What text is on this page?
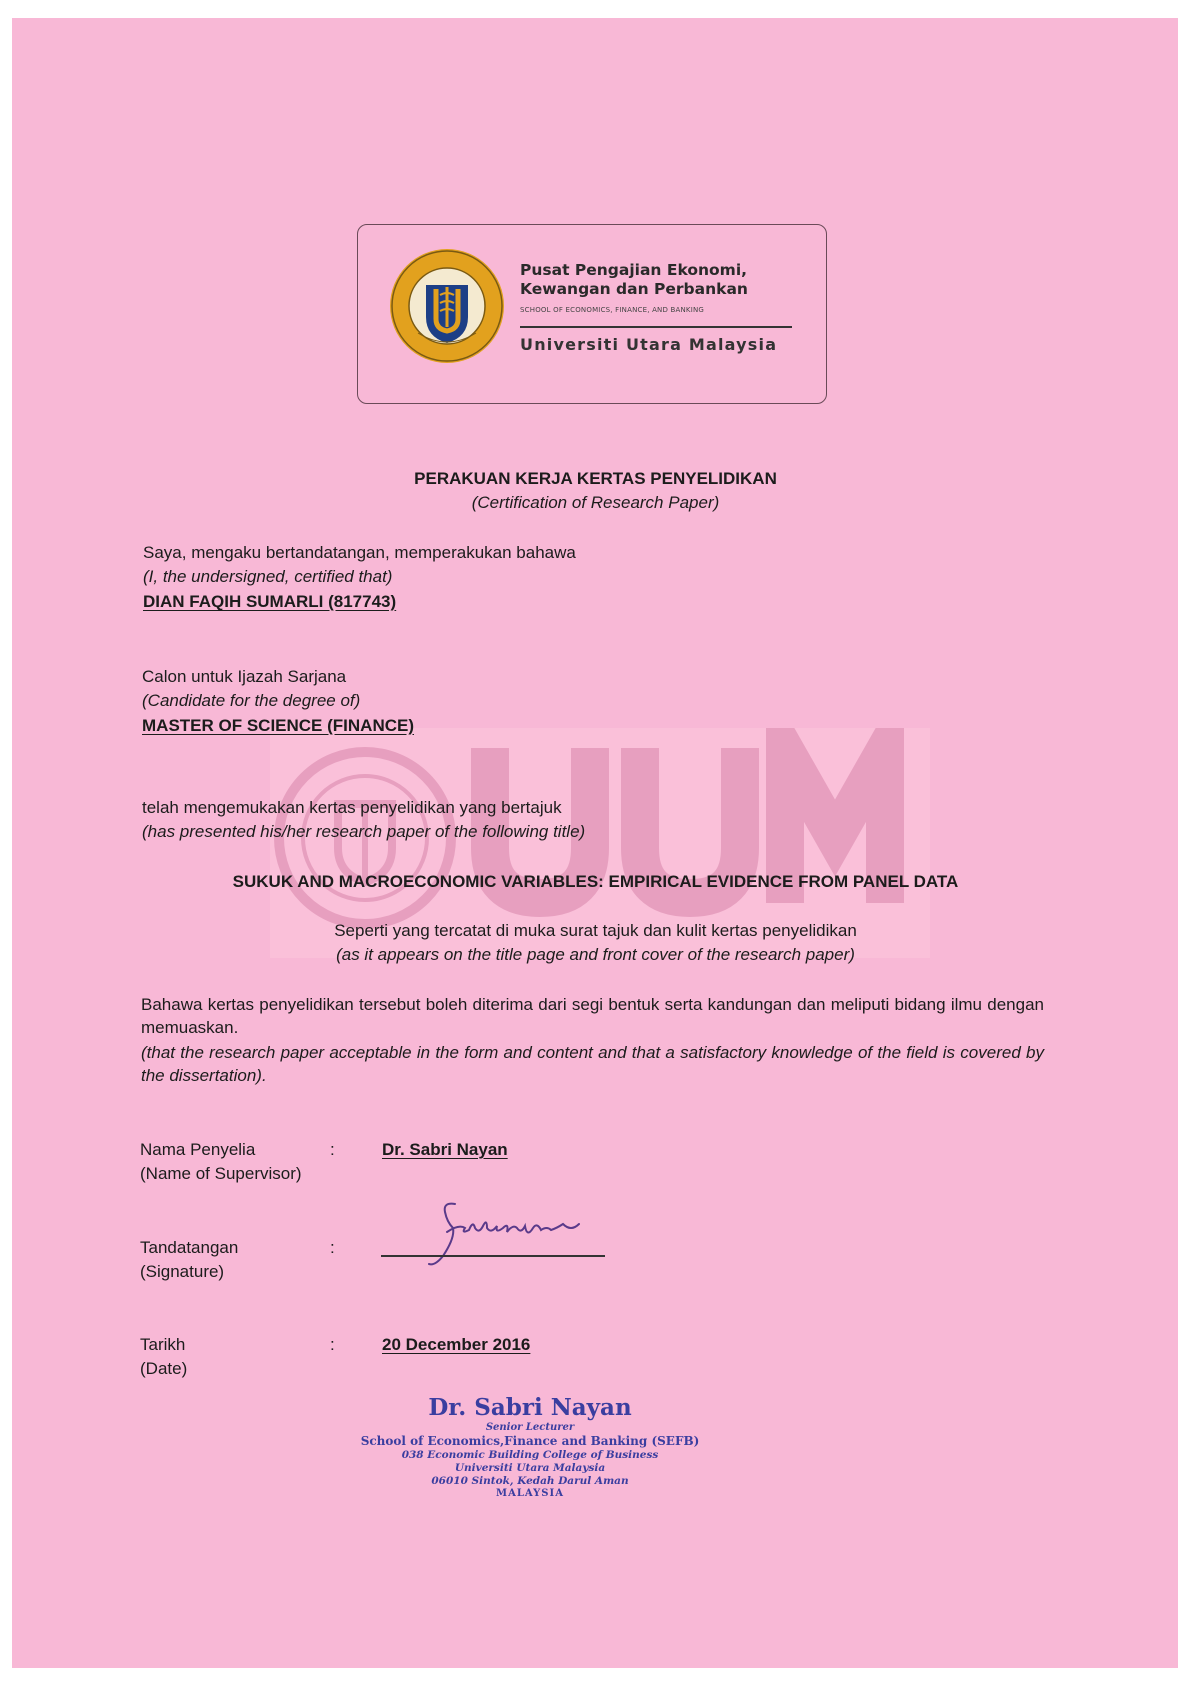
Pusat Pengajian Ekonomi,
Kewangan dan Perbankan
SCHOOL OF ECONOMICS, FINANCE, AND BANKING
Universiti Utara Malaysia
PERAKUAN KERJA KERTAS PENYELIDIKAN
(Certification of Research Paper)
Saya, mengaku bertandatangan, memperakukan bahawa
(I, the undersigned, certified that)
DIAN FAQIH SUMARLI (817743)
Calon untuk Ijazah Sarjana
(Candidate for the degree of)
MASTER OF SCIENCE (FINANCE)
telah mengemukakan kertas penyelidikan yang bertajuk
(has presented his/her research paper of the following title)
SUKUK AND MACROECONOMIC VARIABLES: EMPIRICAL EVIDENCE FROM PANEL DATA
Seperti yang tercatat di muka surat tajuk dan kulit kertas penyelidikan
(as it appears on the title page and front cover of the research paper)
Bahawa kertas penyelidikan tersebut boleh diterima dari segi bentuk serta kandungan dan meliputi bidang ilmu dengan memuaskan.
(that the research paper acceptable in the form and content and that a satisfactory knowledge of the field is covered by the dissertation).
Nama Penyelia
(Name of Supervisor)
:	Dr. Sabri Nayan
Tandatangan
(Signature)
:
Tarikh
(Date)
:	20 December 2016
Dr. Sabri Nayan
Senior Lecturer
School of Economics,Finance and Banking (SEFB)
038 Economic Building College of Business
Universiti Utara Malaysia
06010 Sintok, Kedah Darul Aman
MALAYSIA
